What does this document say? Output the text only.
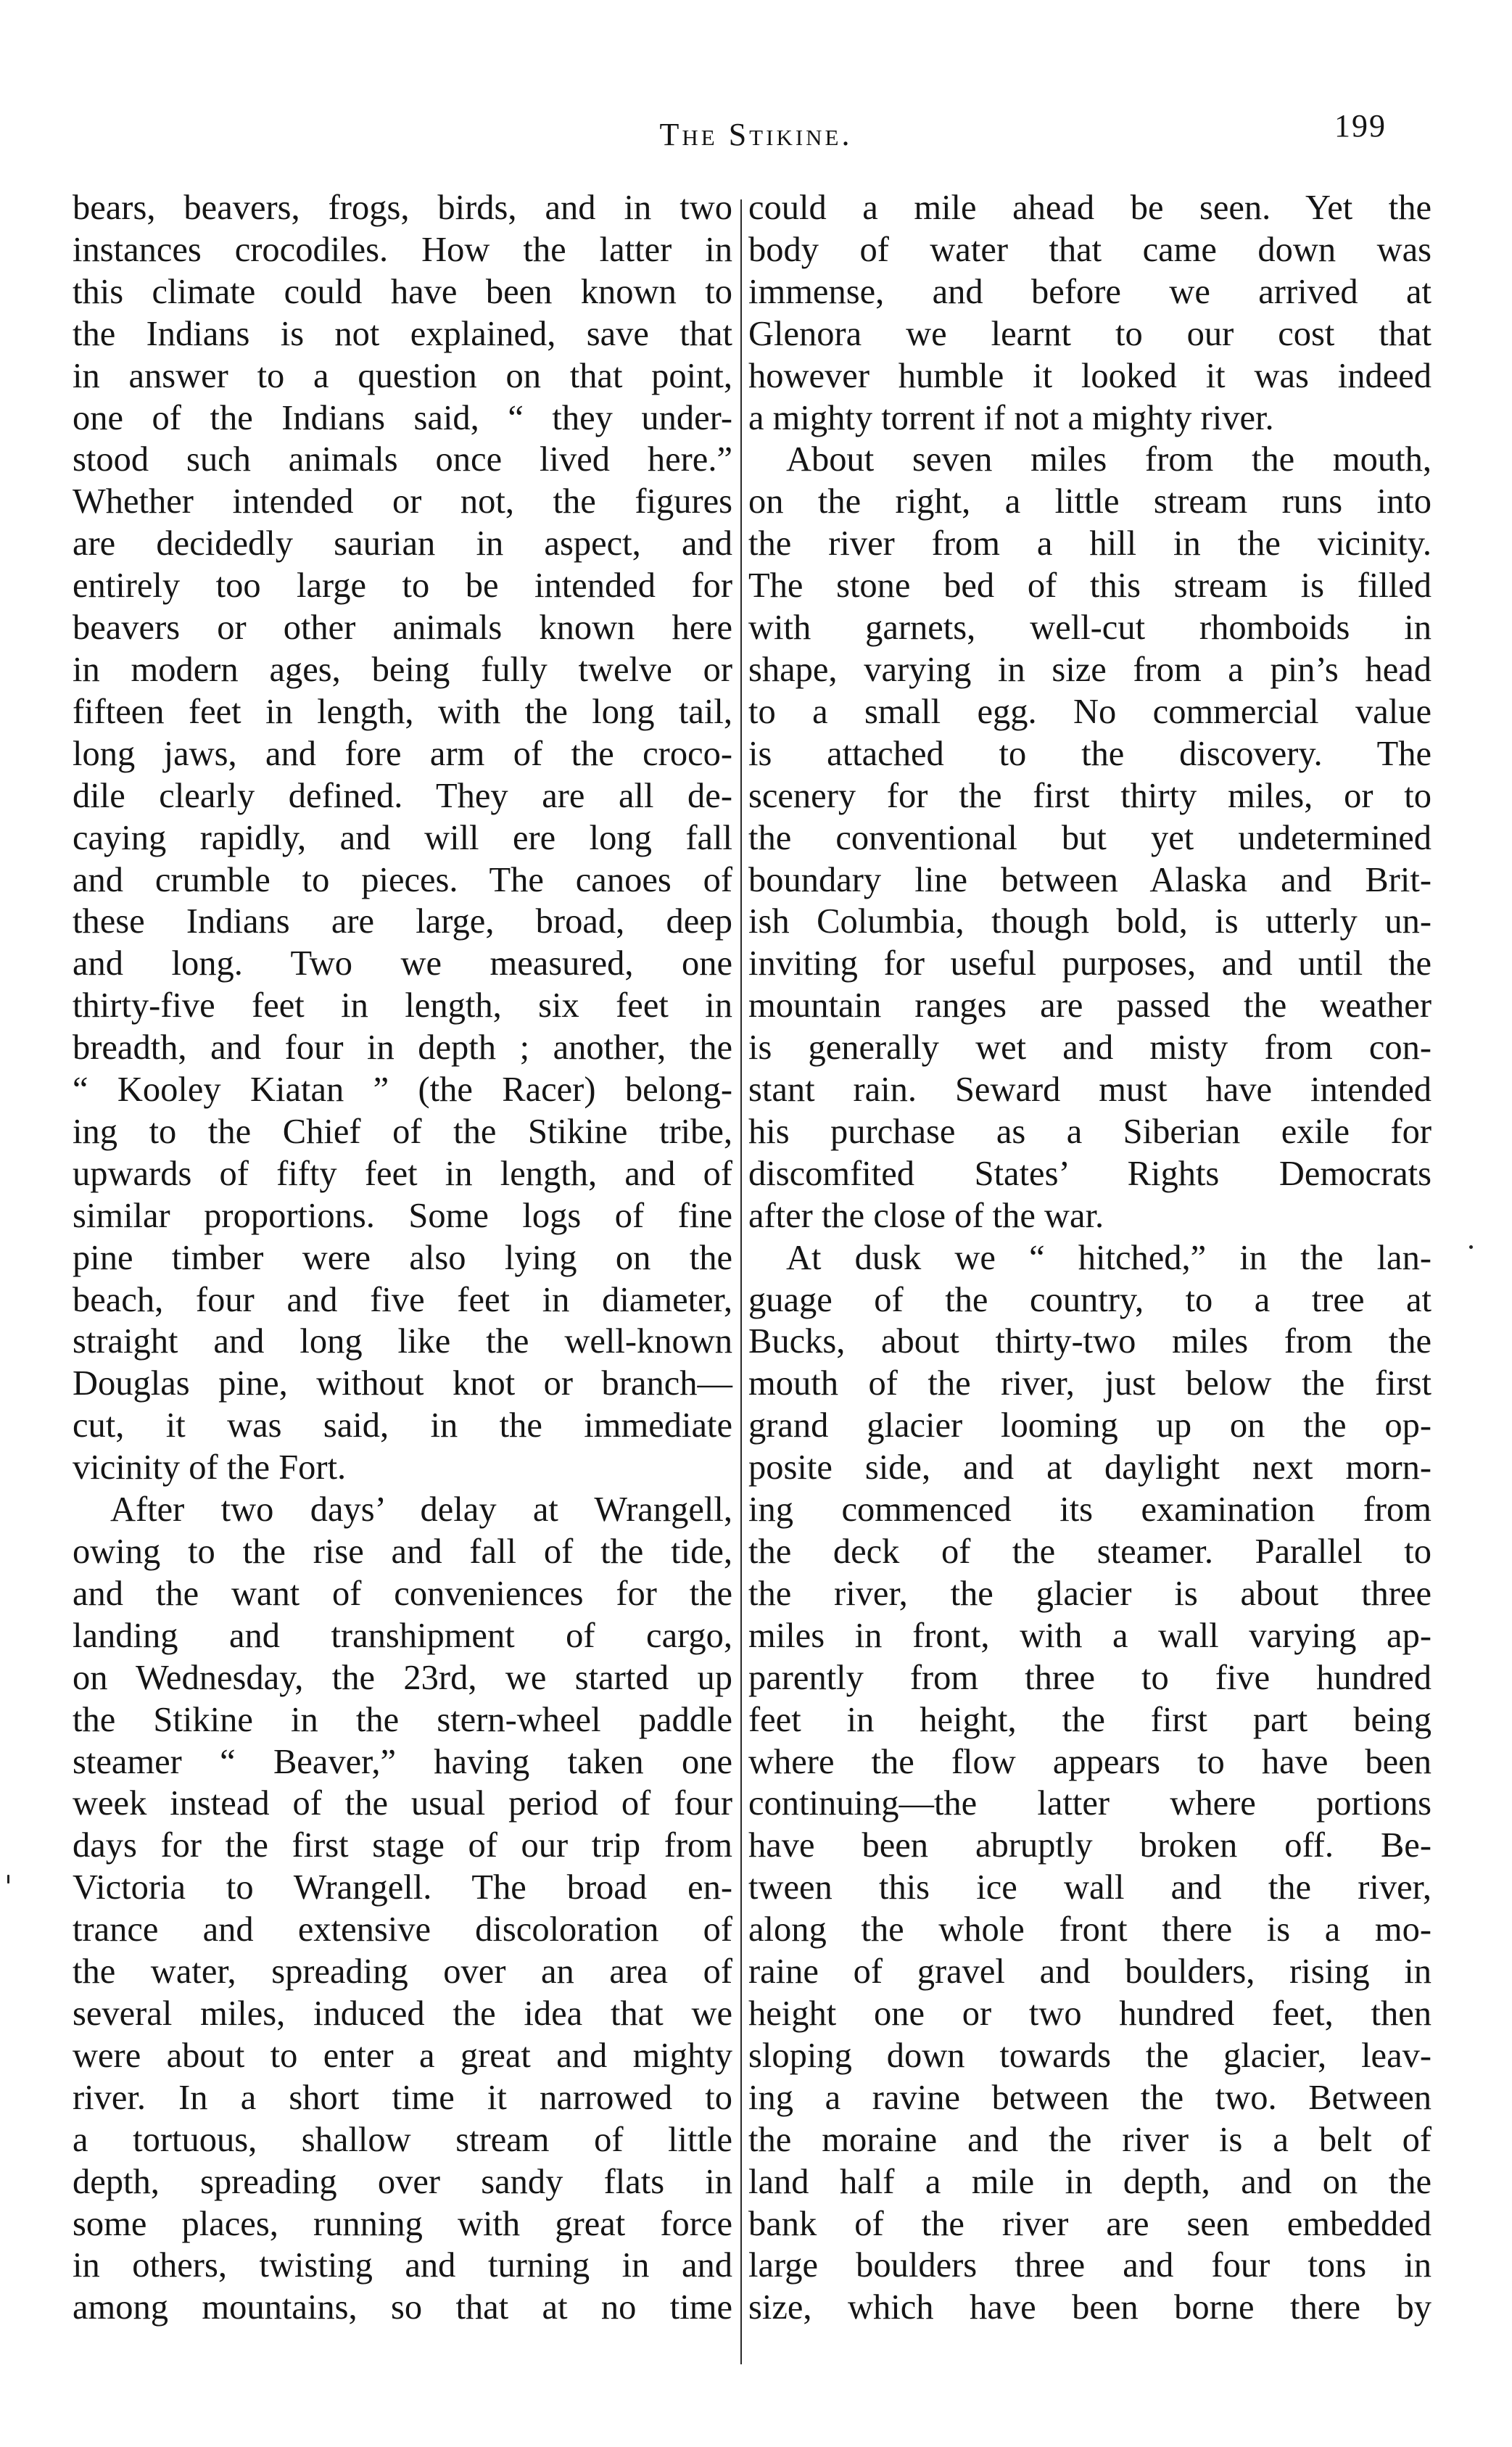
The Stikine.	199
bears, beavers, frogs, birds, and in two
instances crocodiles. How the latter in
this climate could have been known to
the Indians is not explained, save that
in answer to a question on that point,
one of the Indians said, “ they under-
stood such animals once lived here.”
Whether intended or not, the figures
are decidedly saurian in aspect, and
entirely too large to be intended for
beavers or other animals known here
in modern ages, being fully twelve or
fifteen feet in length, with the long tail,
long jaws, and fore arm of the croco-
dile clearly defined. They are all de-
caying rapidly, and will ere long fall
and crumble to pieces. The canoes of
these Indians are large, broad, deep
and long. Two we measured, one
thirty-five feet in length, six feet in
breadth, and four in depth ; another, the
“ Kooley Kiatan ” (the Racer) belong-
ing to the Chief of the Stikine tribe,
upwards of fifty feet in length, and of
similar proportions. Some logs of fine
pine timber were also lying on the
beach, four and five feet in diameter,
straight and long like the well-known
Douglas pine, without knot or branch—
cut, it was said, in the immediate
vicinity of the Fort.
After two days’ delay at Wrangell,
owing to the rise and fall of the tide,
and the want of conveniences for the
landing and transhipment of cargo,
on Wednesday, the 23rd, we started up
the Stikine in the stern-wheel paddle
steamer “ Beaver,” having taken one
week instead of the usual period of four
days for the first stage of our trip from
Victoria to Wrangell. The broad en-
trance and extensive discoloration of
the water, spreading over an area of
several miles, induced the idea that we
were about to enter a great and mighty
river. In a short time it narrowed to
a tortuous, shallow stream of little
depth, spreading over sandy flats in
some places, running with great force
in others, twisting and turning in and
among mountains, so that at no time
could a mile ahead be seen. Yet the
body of water that came down was
immense, and before we arrived at
Glenora we learnt to our cost that
however humble it looked it was indeed
a mighty torrent if not a mighty river.
About seven miles from the mouth,
on the right, a little stream runs into
the river from a hill in the vicinity.
The stone bed of this stream is filled
with garnets, well-cut rhomboids in
shape, varying in size from a pin’s head
to a small egg. No commercial value
is attached to the discovery. The
scenery for the first thirty miles, or to
the conventional but yet undetermined
boundary line between Alaska and Brit-
ish Columbia, though bold, is utterly un-
inviting for useful purposes, and until the
mountain ranges are passed the weather
is generally wet and misty from con-
stant rain. Seward must have intended
his purchase as a Siberian exile for
discomfited States’ Rights Democrats
after the close of the war.
At dusk we “ hitched,” in the lan-
guage of the country, to a tree at
Bucks, about thirty-two miles from the
mouth of the river, just below the first
grand glacier looming up on the op-
posite side, and at daylight next morn-
ing commenced its examination from
the deck of the steamer. Parallel to
the river, the glacier is about three
miles in front, with a wall varying ap-
parently from three to five hundred
feet in height, the first part being
where the flow appears to have been
continuing—the latter where portions
have been abruptly broken off. Be-
tween this ice wall and the river,
along the whole front there is a mo-
raine of gravel and boulders, rising in
height one or two hundred feet, then
sloping down towards the glacier, leav-
ing a ravine between the two. Between
the moraine and the river is a belt of
land half a mile in depth, and on the
bank of the river are seen embedded
large boulders three and four tons in
size, which have been borne there by
